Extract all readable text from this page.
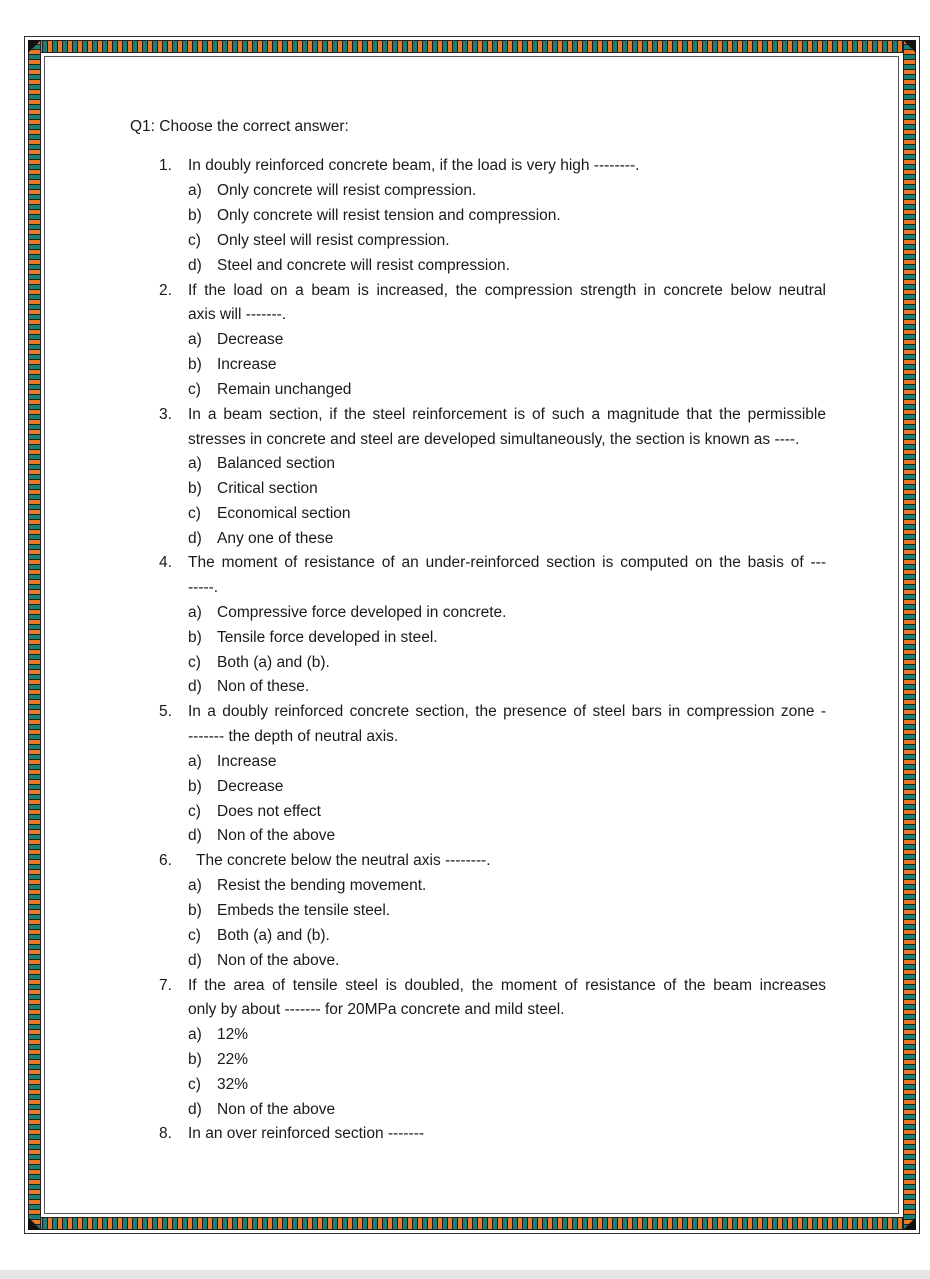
Q1: Choose the correct answer:
1. In doubly reinforced concrete beam, if the load is very high --------.
a) Only concrete will resist compression.
b) Only concrete will resist tension and compression.
c) Only steel will resist compression.
d) Steel and concrete will resist compression.
2. If the load on a beam is increased, the compression strength in concrete below neutral
axis will -------.
a) Decrease
b) Increase
c) Remain unchanged
3. In a beam section, if the steel reinforcement is of such a magnitude that the permissible
stresses in concrete and steel are developed simultaneously, the section is known as ----.
a) Balanced section
b) Critical section
c) Economical section
d) Any one of these
4. The moment of resistance of an under-reinforced section is computed on the basis of ---
-----.
a) Compressive force developed in concrete.
b) Tensile force developed in steel.
c) Both (a) and (b).
d) Non of these.
5. In a doubly reinforced concrete section, the presence of steel bars in compression zone -
------- the depth of neutral axis.
a) Increase
b) Decrease
c) Does not effect
d) Non of the above
6. The concrete below the neutral axis --------.
a) Resist the bending movement.
b) Embeds the tensile steel.
c) Both (a) and (b).
d) Non of the above.
7. If the area of tensile steel is doubled, the moment of resistance of the beam increases
only by about ------- for 20MPa concrete and mild steel.
a) 12%
b) 22%
c) 32%
d) Non of the above
8. In an over reinforced section -------
